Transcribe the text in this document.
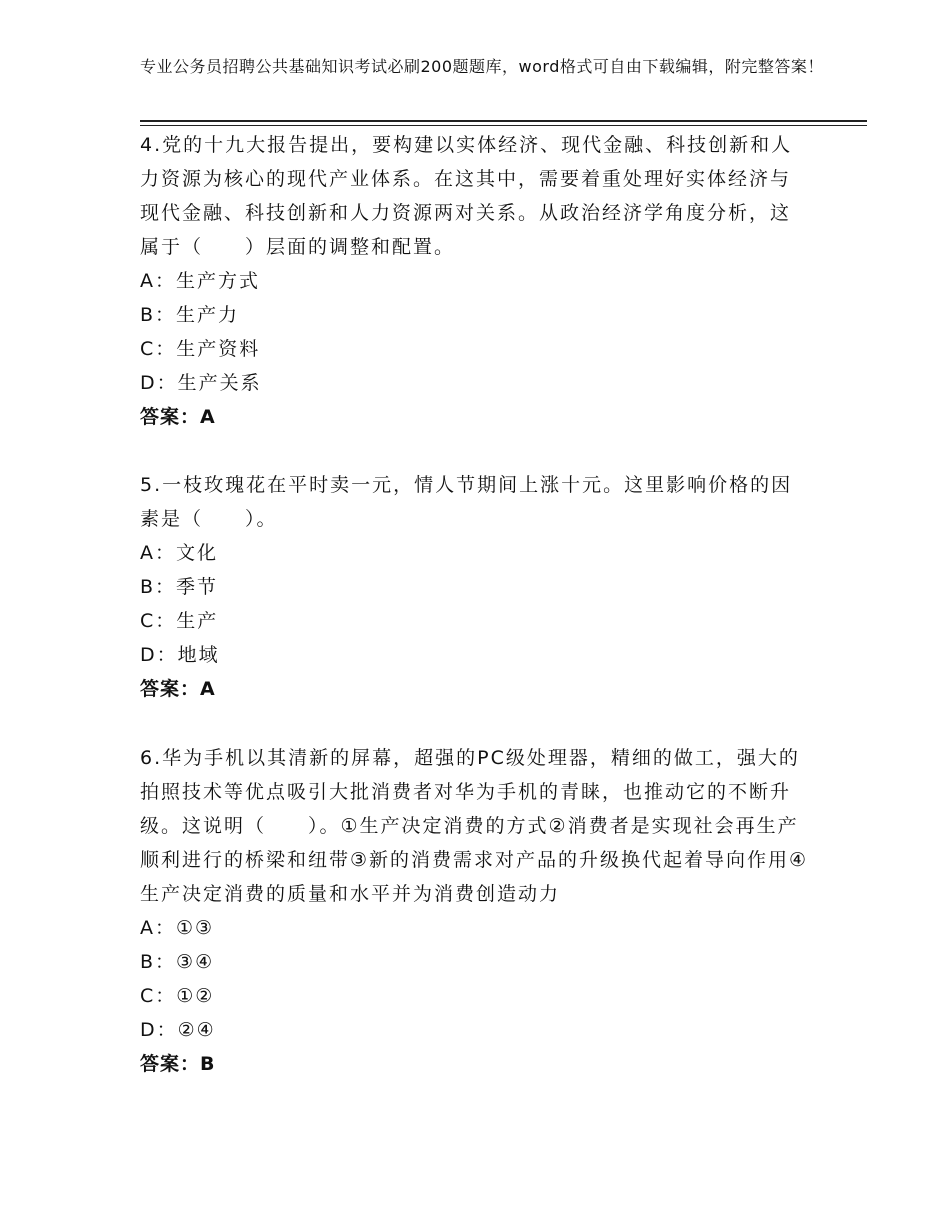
专业公务员招聘公共基础知识考试必刷200题题库，word格式可自由下载编辑，附完整答案！
4.党的十九大报告提出，要构建以实体经济、现代金融、科技创新和人力资源为核心的现代产业体系。在这其中，需要着重处理好实体经济与现代金融、科技创新和人力资源两对关系。从政治经济学角度分析，这属于（　　）层面的调整和配置。
A：生产方式
B：生产力
C：生产资料
D：生产关系
答案：A
5.一枝玫瑰花在平时卖一元，情人节期间上涨十元。这里影响价格的因素是（　　）。
A：文化
B：季节
C：生产
D：地域
答案：A
6.华为手机以其清新的屏幕，超强的PC级处理器，精细的做工，强大的拍照技术等优点吸引大批消费者对华为手机的青睐，也推动它的不断升级。这说明（　　）。①生产决定消费的方式②消费者是实现社会再生产顺利进行的桥梁和纽带③新的消费需求对产品的升级换代起着导向作用④生产决定消费的质量和水平并为消费创造动力
A：①③
B：③④
C：①②
D：②④
答案：B
